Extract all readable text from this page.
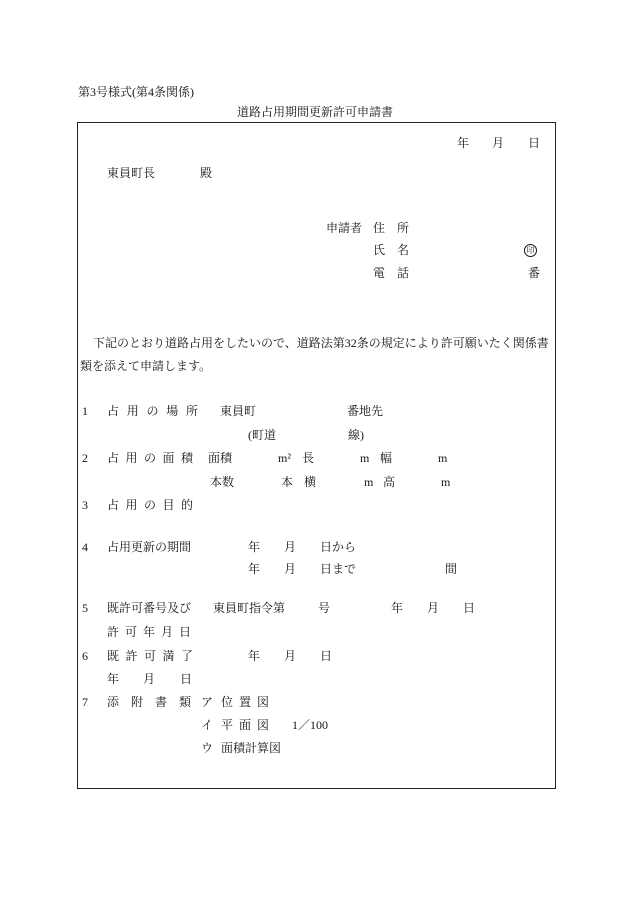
第3号様式(第4条関係)
道路占用期間更新許可申請書
年 月 日
東員町長	殿
申請者 住　所
氏　名	印
電　話	番
下記のとおり道路占用をしたいので、道路法第32条の規定により許可願いたく関係書
類を添えて申請します。
1 占 用 の 場 所 東員町	番地先
(町道	線)
2 占 用 の 面 積 面積	m² 長	m 幅	m
本数	本 横	m 高	m
3 占 用 の 目 的
4 占用更新の期間	年 月 日から
年 月 日まで	間
5 既許可番号及び 東員町指令第	号	年 月 日
許 可 年 月 日
6 既 許 可 満 了	年 月 日
年 月 日
7 添 附 書 類 ア 位 置 図
イ 平 面 図 1／100
ウ 面積計算図
